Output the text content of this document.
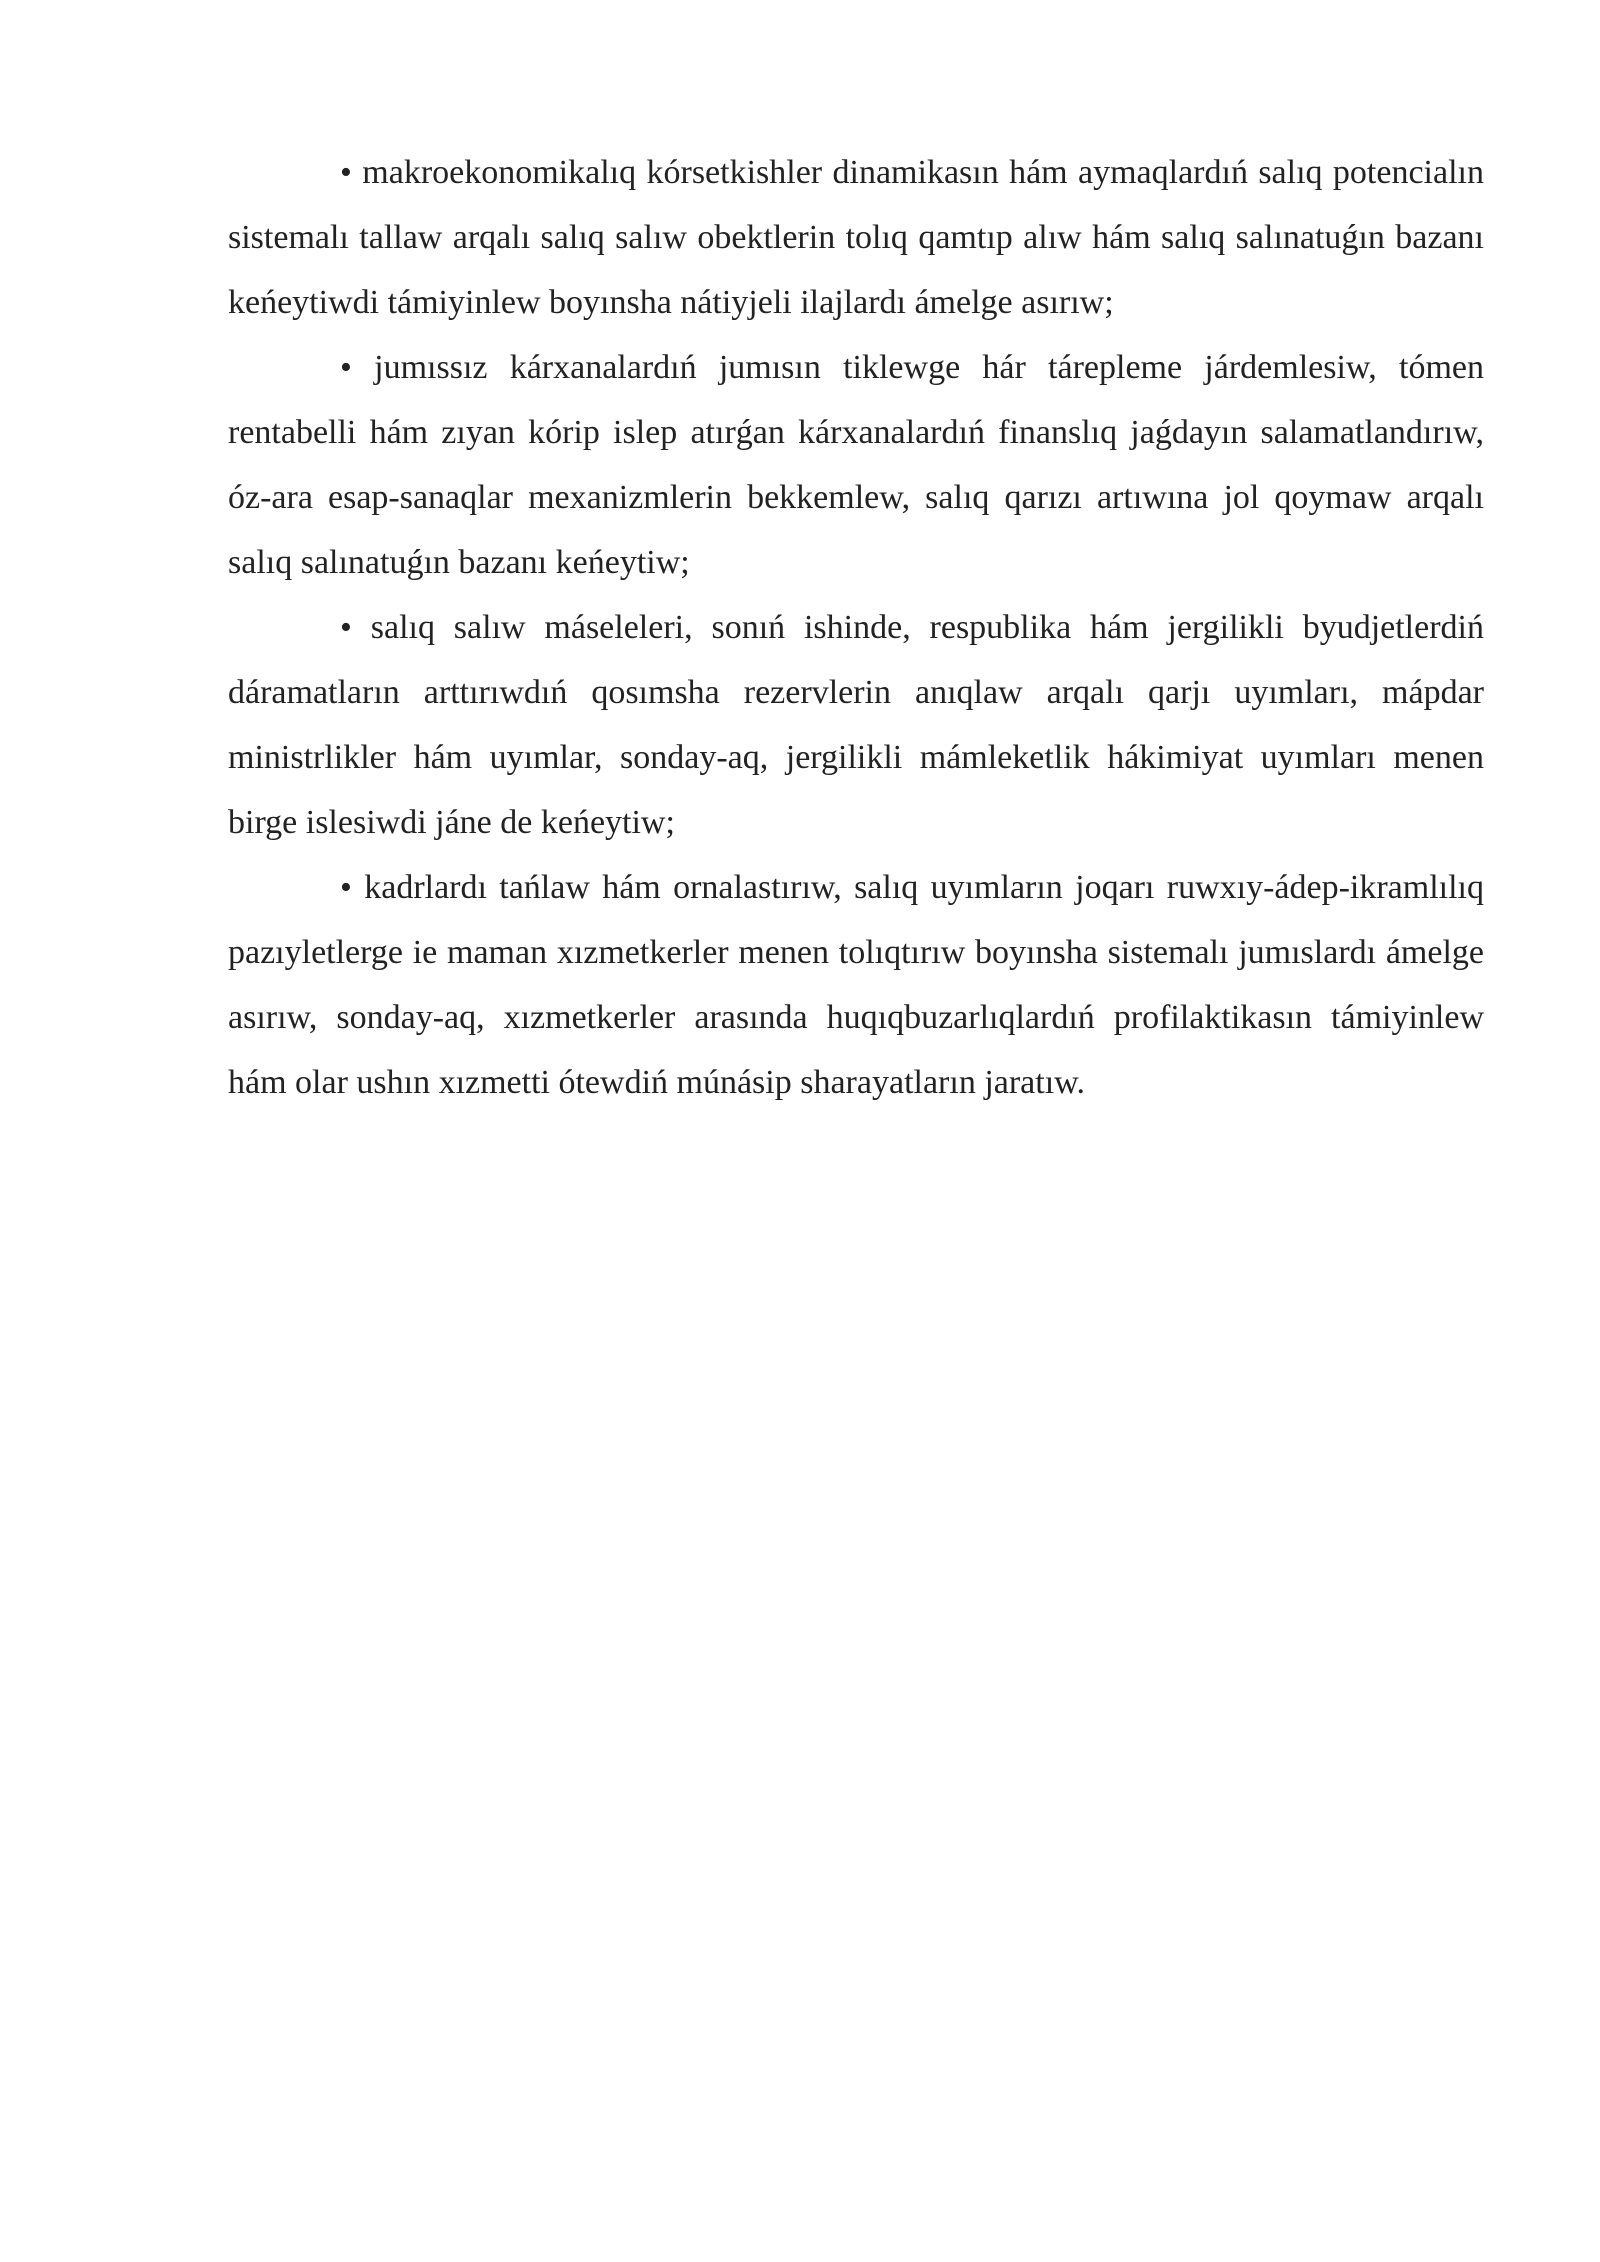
• makroekonomikalıq kórsetkishler dinamikasın hám aymaqlardıń salıq potencialın sistemalı tallaw arqalı salıq salıw obektlerin tolıq qamtıp alıw hám salıq salınatuǵın bazanı keńeytiwdi támiyinlew boyınsha nátiyjeli ilajlardı ámelge asırıw;

• jumıssız kárxanalardıń jumısın tiklewge hár tárepleme járdemlesiw, tómen rentabelli hám zıyan kórip islep atırǵan kárxanalardıń finanslıq jaǵdayın salamatlandırıw, óz-ara esap-sanaqlar mexanizmlerin bekkemlew, salıq qarızı artıwına jol qoymaw arqalı salıq salınatuǵın bazanı keńeytiw;

• salıq salıw máseleleri, sonıń ishinde, respublika hám jergilikli byudjetlerdiń dáramatların arttırıwdıń qosımsha rezervlerin anıqlaw arqalı qarjı uyımları, mápdar ministrlikler hám uyımlar, sonday-aq, jergilikli mámleketlik hákimiyat uyımları menen birge islesiwdi jáne de keńeytiw;

• kadrlardı tańlaw hám ornalastırıw, salıq uyımların joqarı ruwxıy-ádep-ikramlılıq pazıyletlerge ie maman xızmetkerler menen tolıqtırıw boyınsha sistemalı jumıslardı ámelge asırıw, sonday-aq, xızmetkerler arasında huqıqbuzarlıqlardıń profilaktikasın támiyinlew hám olar ushın xızmetti ótewdiń múnásip sharayatların jaratıw.
